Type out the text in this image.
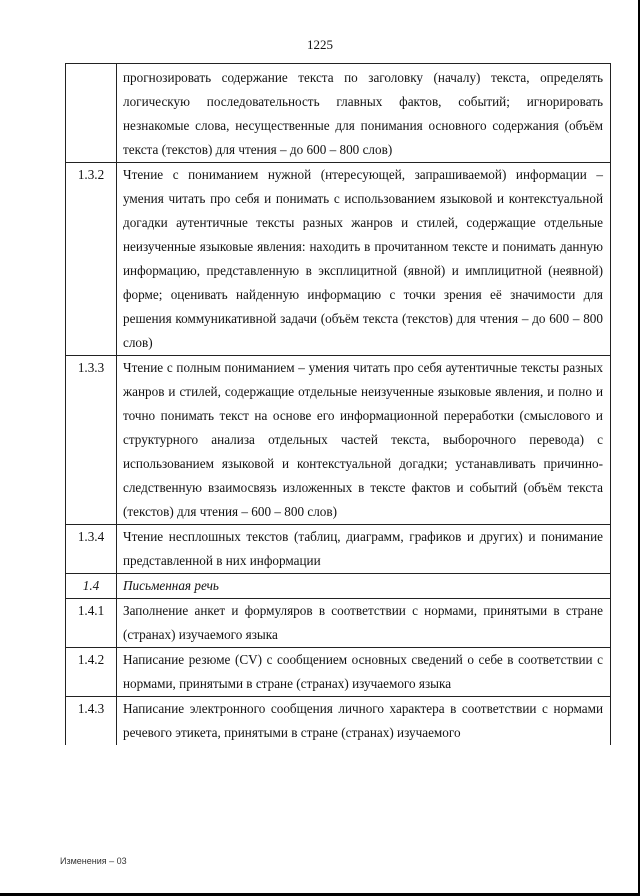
1225
	прогнозировать содержание текста по заголовку (началу) текста, определять логическую последовательность главных фактов, событий; игнорировать незнакомые слова, несущественные для понимания основного содержания (объём текста (текстов) для чтения – до 600 – 800 слов)
1.3.2	Чтение с пониманием нужной (нтересующей, запрашиваемой) информации – умения читать про себя и понимать с использованием языковой и контекстуальной догадки аутентичные тексты разных жанров и стилей, содержащие отдельные неизученные языковые явления: находить в прочитанном тексте и понимать данную информацию, представленную в эксплицитной (явной) и имплицитной (неявной) форме; оценивать найденную информацию с точки зрения её значимости для решения коммуникативной задачи (объём текста (текстов) для чтения – до 600 – 800 слов)
1.3.3	Чтение с полным пониманием – умения читать про себя аутентичные тексты разных жанров и стилей, содержащие отдельные неизученные языковые явления, и полно и точно понимать текст на основе его информационной переработки (смыслового и структурного анализа отдельных частей текста, выборочного перевода) с использованием языковой и контекстуальной догадки; устанавливать причинно-следственную взаимосвязь изложенных в тексте фактов и событий (объём текста (текстов) для чтения – 600 – 800 слов)
1.3.4	Чтение несплошных текстов (таблиц, диаграмм, графиков и других) и понимание представленной в них информации
1.4	Письменная речь
1.4.1	Заполнение анкет и формуляров в соответствии с нормами, принятыми в стране (странах) изучаемого языка
1.4.2	Написание резюме (CV) с сообщением основных сведений о себе в соответствии с нормами, принятыми в стране (странах) изучаемого языка
1.4.3	Написание электронного сообщения личного характера в соответствии с нормами речевого этикета, принятыми в стране (странах) изучаемого
Изменения – 03
